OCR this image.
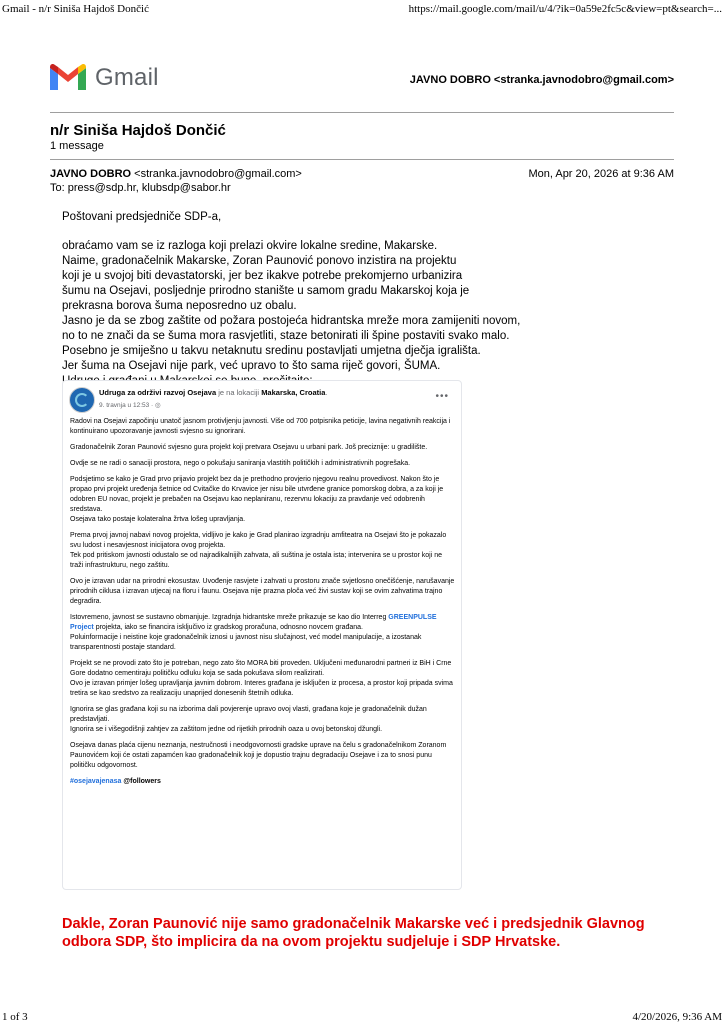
Gmail - n/r Siniša Hajdoš Dončić	https://mail.google.com/mail/u/4/?ik=0a59e2fc5c&view=pt&search=...
Gmail	JAVNO DOBRO <stranka.javnodobro@gmail.com>
n/r Siniša Hajdoš Dončić
1 message
JAVNO DOBRO <stranka.javnodobro@gmail.com>	Mon, Apr 20, 2026 at 9:36 AM
To: press@sdp.hr, klubsdp@sabor.hr
Poštovani predsjedniče SDP-a,

obraćamo vam se iz razloga koji prelazi okvire lokalne sredine, Makarske.

Naime, gradonačelnik Makarske, Zoran Paunović ponovo inzistira na projektu

koji je u svojoj biti devastatorski, jer bez ikakve potrebe prekomjerno urbanizira

šumu na Osejavi, posljednje prirodno stanište u samom gradu Makarskoj koja je

prekrasna borova šuma neposredno uz obalu.

Jasno je da se zbog zaštite od požara postojeća hidrantska mreže mora zamijeniti novom,

no to ne znači da se šuma mora rasvjetliti, staze betonirati ili špine postaviti svako malo.

Posebno je smiješno u takvu netaknutu sredinu postavljati umjetna dječja igrališta.

Jer šuma na Osejavi nije park, već upravo to što sama riječ govori, ŠUMA.

Udruga za održivi razvoj Osejava je na lokaciji Makarska, Croatia.
9. travnja u 12:53 · ◎
•••

Radovi na Osejavi započinju unatoč jasnom protivljenju javnosti. Više od 700 potpisnika peticije, lavina negativnih reakcija i kontinuirano upozoravanje javnosti svjesno su ignorirani.

Gradonačelnik Zoran Paunović svjesno gura projekt koji pretvara Osejavu u urbani park. Još preciznije: u gradilište.

Ovdje se ne radi o sanaciji prostora, nego o pokušaju saniranja vlastitih političkih i administrativnih pogrešaka.

Podsjetimo se kako je Grad prvo prijavio projekt bez da je prethodno provjerio njegovu realnu provedivost. Nakon što je propao prvi projekt uređenja šetnice od Cvitačke do Krvavice jer nisu bile utvrđene granice pomorskog dobra, a za koji je odobren EU novac, projekt je prebačen na Osejavu kao neplaniranu, rezervnu lokaciju za pravdanje već odobrenih sredstava.
Osejava tako postaje kolateralna žrtva lošeg upravljanja.

Prema prvoj javnoj nabavi novog projekta, vidljivo je kako je Grad planirao izgradnju amfiteatra na Osejavi što je pokazalo svu ludost i nesavjesnost inicijatora ovog projekta.
Tek pod pritiskom javnosti odustalo se od najradikalnijih zahvata, ali suština je ostala ista; intervenira se u prostor koji ne traži infrastrukturu, nego zaštitu.

Ovo je izravan udar na prirodni ekosustav. Uvođenje rasvjete i zahvati u prostoru znače svjetlosno onečišćenje, narušavanje prirodnih ciklusa i izravan utjecaj na floru i faunu. Osejava nije prazna ploča već živi sustav koji se ovim zahvatima trajno degradira.

Istovremeno, javnost se sustavno obmanjuje. Izgradnja hidrantske mreže prikazuje se kao dio Interreg GREENPULSE Project projekta, iako se financira isključivo iz gradskog proračuna, odnosno novcem građana.
Poluinformacije i neistine koje gradonačelnik iznosi u javnost nisu slučajnost, već model manipulacije, a izostanak transparentnosti postaje standard.

Projekt se ne provodi zato što je potreban, nego zato što MORA biti proveden. Uključeni međunarodni partneri iz BiH i Crne Gore dodatno cementiraju političku odluku koja se sada pokušava silom realizirati.
Ovo je izravan primjer lošeg upravljanja javnim dobrom. Interes građana je isključen iz procesa, a prostor koji pripada svima tretira se kao sredstvo za realizaciju unaprijed donesenih štetnih odluka.

Ignorira se glas građana koji su na izborima dali povjerenje upravo ovoj vlasti, građana koje je gradonačelnik dužan predstavljati.
Ignorira se i višegodišnji zahtjev za zaštitom jedne od rijetkih prirodnih oaza u ovoj betonskoj džungli.

Osejava danas plaća cijenu neznanja, nestručnosti i neodgovornosti gradske uprave na čelu s gradonačelnikom Zoranom Paunovićem koji će ostati zapamćen kao gradonačelnik koji je dopustio trajnu degradaciju Osejave i za to snosi punu političku odgovornost.

#osejavajenasa @followers

Dakle, Zoran Paunović nije samo gradonačelnik Makarske već i predsjednik Glavnog odbora SDP, što implicira da na ovom projektu sudjeluje i SDP Hrvatske.
1 of 3	4/20/2026, 9:36 AM
